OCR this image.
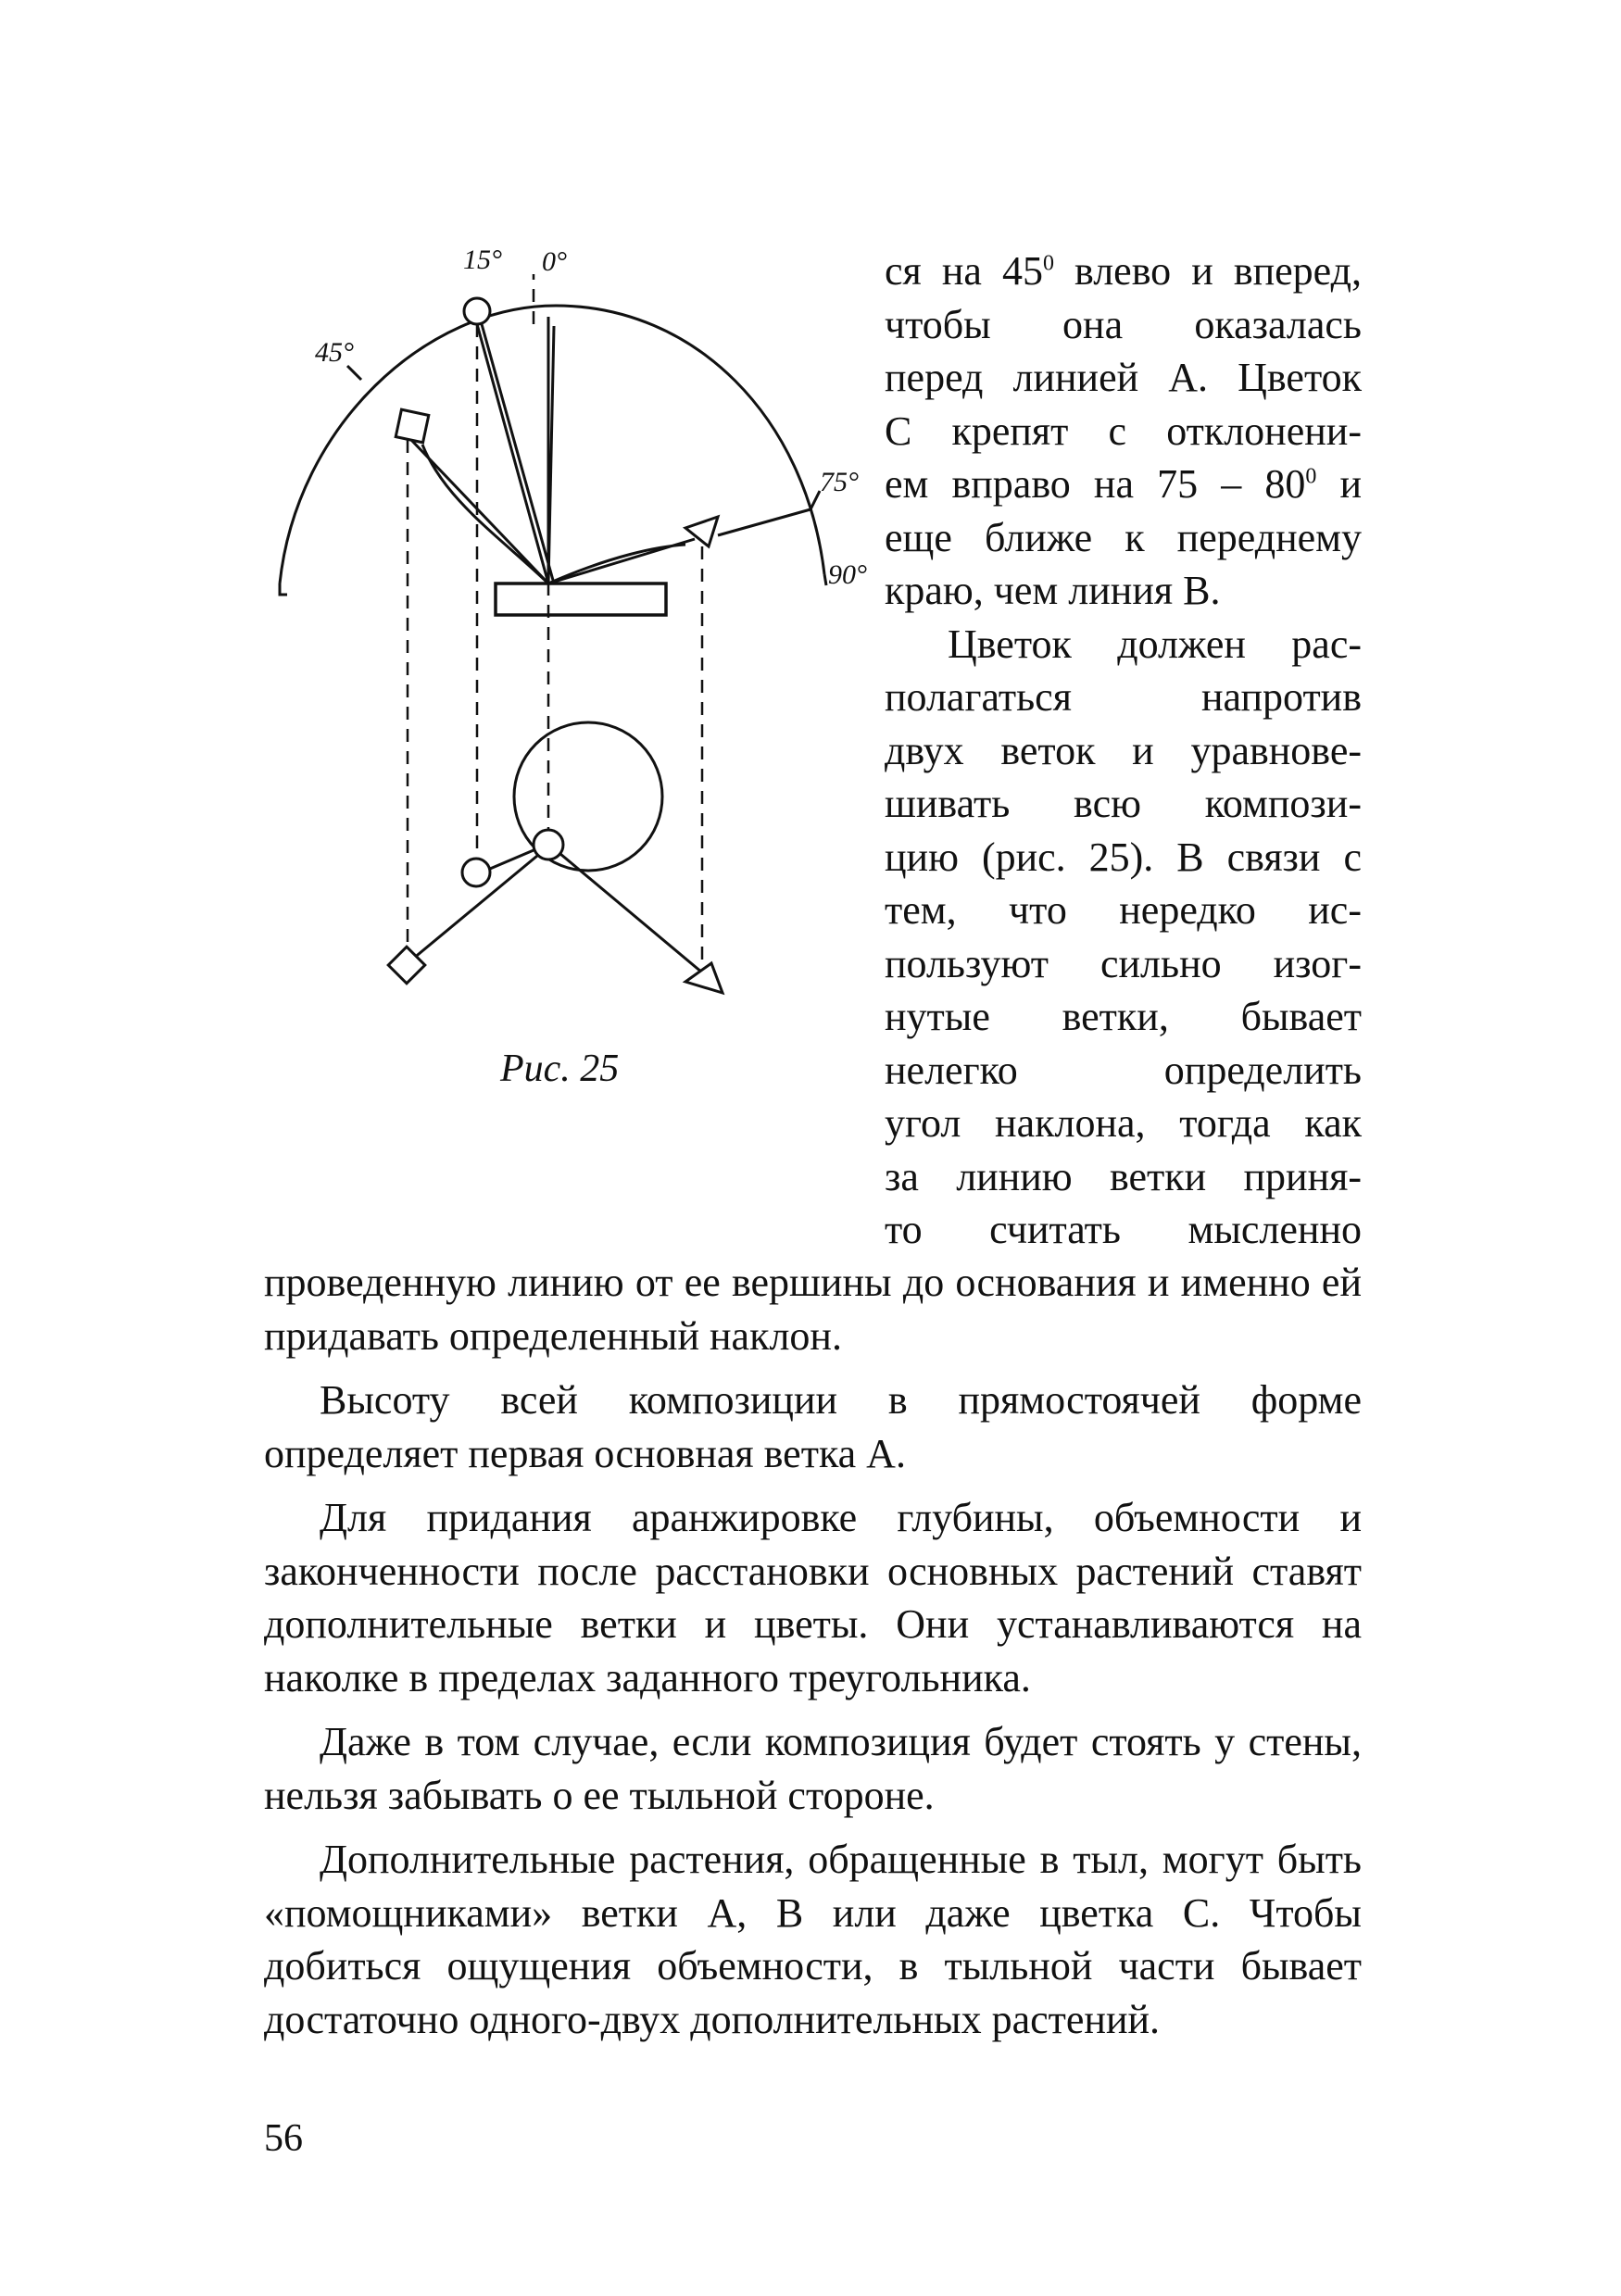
15° 0°
45°
75°
90°
Рис. 25

ся на $45^0$ влево и вперед,

чтобы она оказалась

перед линией А. Цветок

С крепят с отклонени-

ем вправо на $75 - 80^0$ и

еще ближе к переднему

краю, чем линия В.

Цветок должен рас-

полагаться напротив

двух веток и уравнове-

шивать всю компози-

цию (рис. 25). В связи с

тем, что нередко ис-

пользуют сильно изог-

нутые ветки, бывает

нелегко определить

угол наклона, тогда как

за линию ветки приня-

то считать мысленно

проведенную линию от ее вершины до основания и именно ей придавать определенный наклон.

Высоту всей композиции в прямостоячей форме определяет первая основная ветка А.

Для придания аранжировке глубины, объемности и законченности после расстановки основных растений ставят дополнительные ветки и цветы. Они устанавливаются на наколке в пределах заданного треугольника.

Даже в том случае, если композиция будет стоять у стены, нельзя забывать о ее тыльной стороне.

Дополнительные растения, обращенные в тыл, могут быть «помощниками» ветки А, В или даже цветка С. Чтобы добиться ощущения объемности, в тыльной части бывает достаточно одного-двух дополнительных растений.

56
